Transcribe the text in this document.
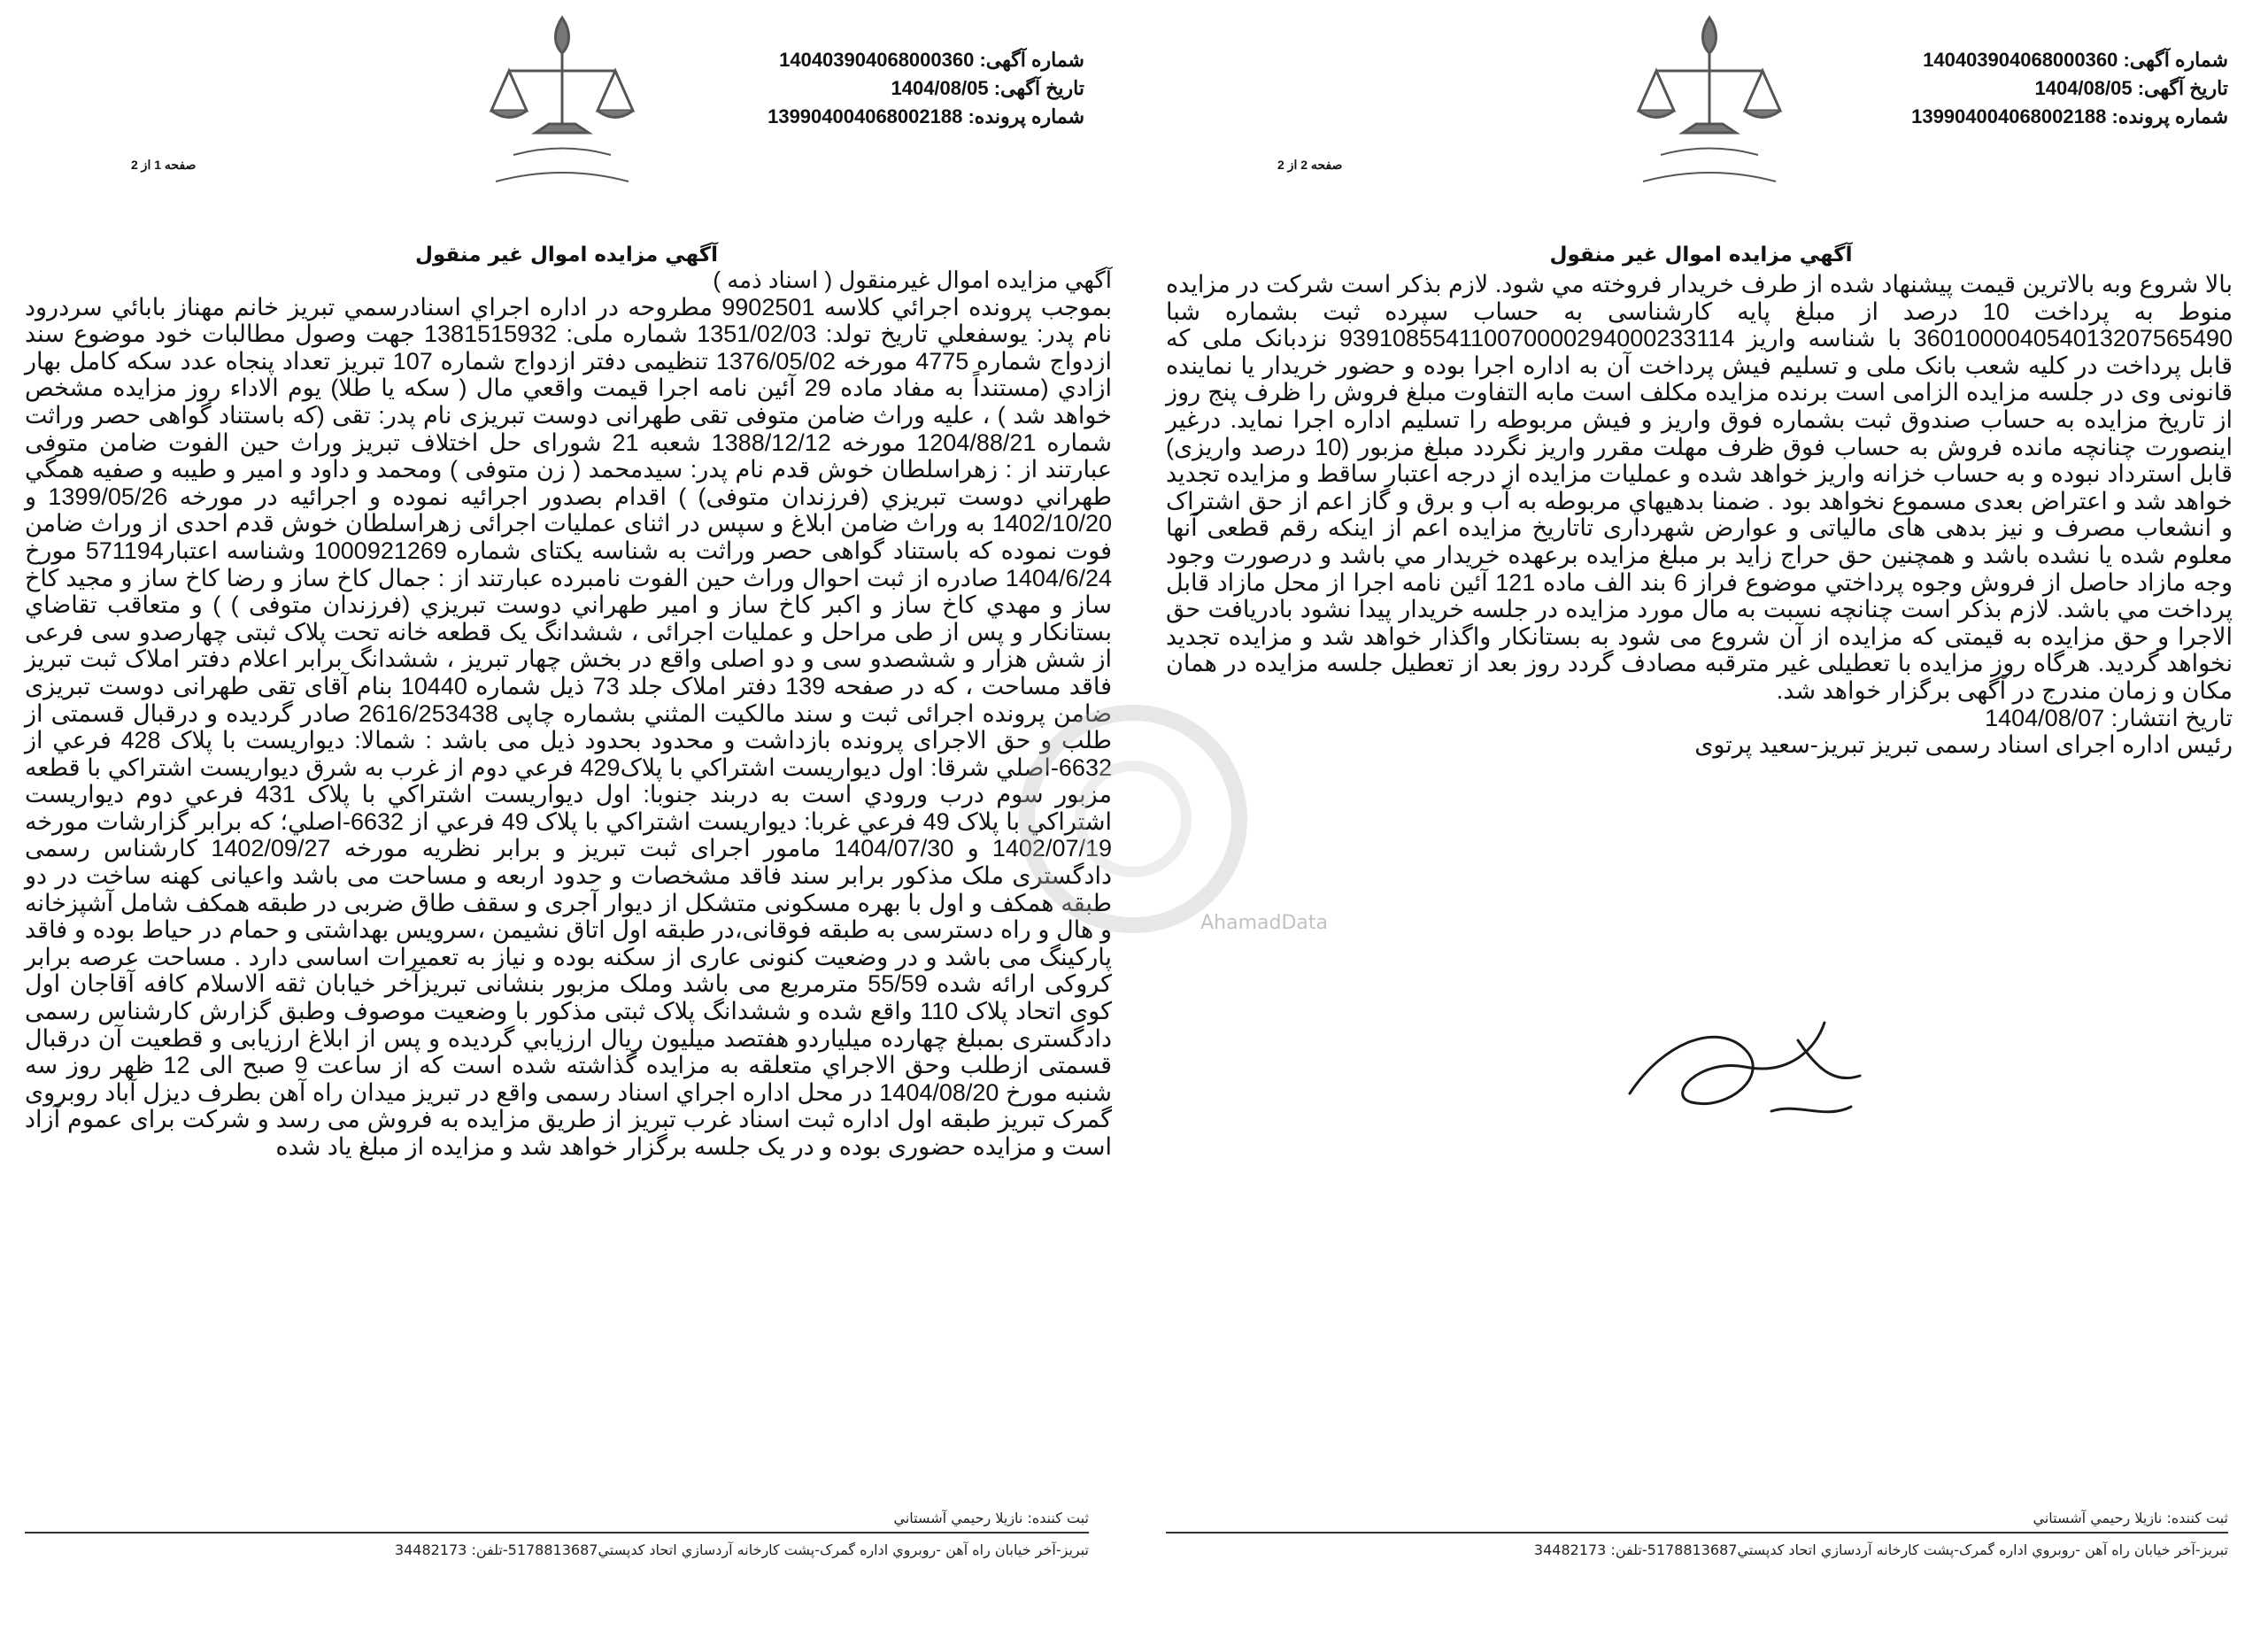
شماره آگهی: 140403904068000360
تاریخ آگهی: 1404/08/05
شماره پرونده: 139904004068002188
صفحه 1 از 2
آگهي مزايده اموال غير منقول

آگهي مزايده اموال غيرمنقول ( اسناد ذمه )

بموجب پرونده اجرائي كلاسه 9902501 مطروحه در اداره اجراي اسنادرسمي تبريز خانم مهناز بابائي سردرود نام پدر: يوسفعلي تاريخ تولد: 1351/02/03 شماره ملی: 1381515932 جهت وصول مطالبات خود موضوع سند ازدواج شماره 4775 مورخه 1376/05/02 تنظيمی دفتر ازدواج شماره 107 تبريز تعداد پنجاه عدد سكه كامل بهار ازادي (مستنداً به مفاد ماده 29 آئين نامه اجرا قيمت واقعي مال ( سكه يا طلا) يوم الاداء روز مزايده مشخص خواهد شد ) ، عليه وراث ضامن متوفی تقی طهرانی دوست تبريزی نام پدر: تقی (كه باستناد گواهی حصر وراثت شماره 1204/88/21 مورخه 1388/12/12 شعبه 21 شورای حل اختلاف تبريز وراث حين الفوت ضامن متوفی عبارتند از : زهراسلطان خوش قدم نام پدر: سيدمحمد ( زن متوفی ) ومحمد و داود و امير و طيبه و صفيه همگي طهراني دوست تبريزي (فرزندان متوفی) ) اقدام بصدور اجرائيه نموده و اجرائيه در مورخه 1399/05/26 و 1402/10/20 به وراث ضامن ابلاغ و سپس در اثنای عمليات اجرائی زهراسلطان خوش قدم احدی از وراث ضامن فوت نموده كه باستناد گواهی حصر وراثت به شناسه يكتای شماره 1000921269 وشناسه اعتبار571194 مورخ 1404/6/24 صادره از ثبت احوال وراث حين الفوت نامبرده عبارتند از : جمال كاخ ساز و رضا كاخ ساز و مجيد كاخ ساز و مهدي كاخ ساز و اكبر كاخ ساز و امير طهراني دوست تبريزي (فرزندان متوفی ) ) و متعاقب تقاضاي بستانكار و پس از طی مراحل و عمليات اجرائی ، ششدانگ يک قطعه خانه تحت پلاک ثبتی چهارصدو سی فرعی از شش هزار و ششصدو سی و دو اصلی واقع در بخش چهار تبريز ، ششدانگ برابر اعلام دفتر املاک ثبت تبريز فاقد مساحت ، كه در صفحه 139 دفتر املاک جلد 73 ذيل شماره 10440 بنام آقای تقی طهرانی دوست تبريزی ضامن پرونده اجرائی ثبت و سند مالكيت المثني بشماره چاپی 2616/253438 صادر گرديده و درقبال قسمتی از طلب و حق الاجرای پرونده بازداشت و محدود بحدود ذيل می باشد : شمالا: ديواريست با پلاک 428 فرعي از 6632-اصلي شرقا: اول ديواريست اشتراكي با پلاک429 فرعي دوم از غرب به شرق ديواريست اشتراكي با قطعه مزبور سوم درب ورودي است به دربند جنوبا: اول ديواريست اشتراكي با پلاک 431 فرعي دوم ديواريست اشتراكي با پلاک 49 فرعي غربا: ديواريست اشتراكي با پلاک 49 فرعي از 6632-اصلي؛ كه برابر گزارشات مورخه 1402/07/19 و 1404/07/30 مامور اجرای ثبت تبريز و برابر نظريه مورخه 1402/09/27 كارشناس رسمی دادگستری ملک مذكور برابر سند فاقد مشخصات و حدود اربعه و مساحت می باشد واعيانی كهنه ساخت در دو طبقه همكف و اول با بهره مسكونی متشكل از ديوار آجری و سقف طاق ضربی در طبقه همكف شامل آشپزخانه و هال و راه دسترسی به طبقه فوقانی،در طبقه اول اتاق نشيمن ،سرويس بهداشتی و حمام در حياط بوده و فاقد پاركينگ می باشد و در وضعيت كنونی عاری از سكنه بوده و نياز به تعميرات اساسی دارد . مساحت عرصه برابر كروكی ارائه شده 55/59 مترمربع می باشد وملک مزبور بنشانی تبريزآخر خيابان ثقه الاسلام كافه آقاجان اول كوی اتحاد پلاک 110 واقع شده و ششدانگ پلاک ثبتی مذكور با وضعيت موصوف وطبق گزارش كارشناس رسمی دادگستری بمبلغ چهارده ميلياردو هفتصد ميليون ريال ارزيابي گرديده و پس از ابلاغ ارزيابی و قطعيت آن درقبال قسمتی ازطلب وحق الاجراي متعلقه به مزايده گذاشته شده است كه از ساعت 9 صبح الی 12 ظهر روز سه شنبه مورخ 1404/08/20 در محل اداره اجراي اسناد رسمی واقع در تبريز ميدان راه آهن بطرف ديزل آباد روبروی گمرک تبريز طبقه اول اداره ثبت اسناد غرب تبريز از طريق مزايده به فروش می رسد و شركت برای عموم آزاد است و مزايده حضوری بوده و در يک جلسه برگزار خواهد شد و مزايده از مبلغ ياد شده

ثبت كننده: نازيلا رحيمي آشستاني
تبريز-آخر خيابان راه آهن -روبروي اداره گمرک-پشت كارخانه آردسازي اتحاد كدپستي5178813687-تلفن: 34482173
AhamadData
شماره آگهی: 140403904068000360
تاریخ آگهی: 1404/08/05
شماره پرونده: 139904004068002188
صفحه 2 از 2
آگهي مزايده اموال غير منقول

بالا شروع وبه بالاترين قيمت پيشنهاد شده از طرف خريدار فروخته مي شود. لازم بذكر است شركت در مزايده منوط به پرداخت 10 درصد از مبلغ پايه كارشناسی به حساب سپرده ثبت بشماره شبا 360100004054013207565490 با شناسه واريز 939108554110070000294000233114 نزدبانک ملی كه قابل پرداخت در كليه شعب بانک ملی و تسليم فيش پرداخت آن به اداره اجرا بوده و حضور خريدار يا نماينده قانونی وی در جلسه مزايده الزامی است برنده مزايده مكلف است مابه التفاوت مبلغ فروش را ظرف پنج روز از تاريخ مزايده به حساب صندوق ثبت بشماره فوق واريز و فيش مربوطه را تسليم اداره اجرا نمايد. درغير اينصورت چنانچه مانده فروش به حساب فوق ظرف مهلت مقرر واريز نگردد مبلغ مزبور (10 درصد واريزی) قابل استرداد نبوده و به حساب خزانه واريز خواهد شده و عمليات مزايده از درجه اعتبار ساقط و مزايده تجديد خواهد شد و اعتراض بعدی مسموع نخواهد بود . ضمنا بدهيهاي مربوطه به آب و برق و گاز اعم از حق اشتراک و انشعاب مصرف و نيز بدهی های مالياتی و عوارض شهرداری تاتاريخ مزايده اعم از اينكه رقم قطعی آنها معلوم شده يا نشده باشد و همچنين حق حراج زايد بر مبلغ مزايده برعهده خريدار مي باشد و درصورت وجود وجه مازاد حاصل از فروش وجوه پرداختي موضوع فراز 6 بند الف ماده 121 آئين نامه اجرا از محل مازاد قابل پرداخت مي باشد. لازم بذكر است چنانچه نسبت به مال مورد مزايده در جلسه خريدار پيدا نشود بادريافت حق الاجرا و حق مزايده به قيمتی كه مزايده از آن شروع می شود به بستانكار واگذار خواهد شد و مزايده تجديد نخواهد گرديد. هرگاه روز مزايده با تعطيلی غير مترقبه مصادف گردد روز بعد از تعطيل جلسه مزايده در همان مكان و زمان مندرج در آگهی برگزار خواهد شد.

تاريخ انتشار: 1404/08/07

رئيس اداره اجرای اسناد رسمی تبريز تبريز-سعيد پرتوی

ثبت كننده: نازيلا رحيمي آشستاني
تبريز-آخر خيابان راه آهن -روبروي اداره گمرک-پشت كارخانه آردسازي اتحاد كدپستي5178813687-تلفن: 34482173
